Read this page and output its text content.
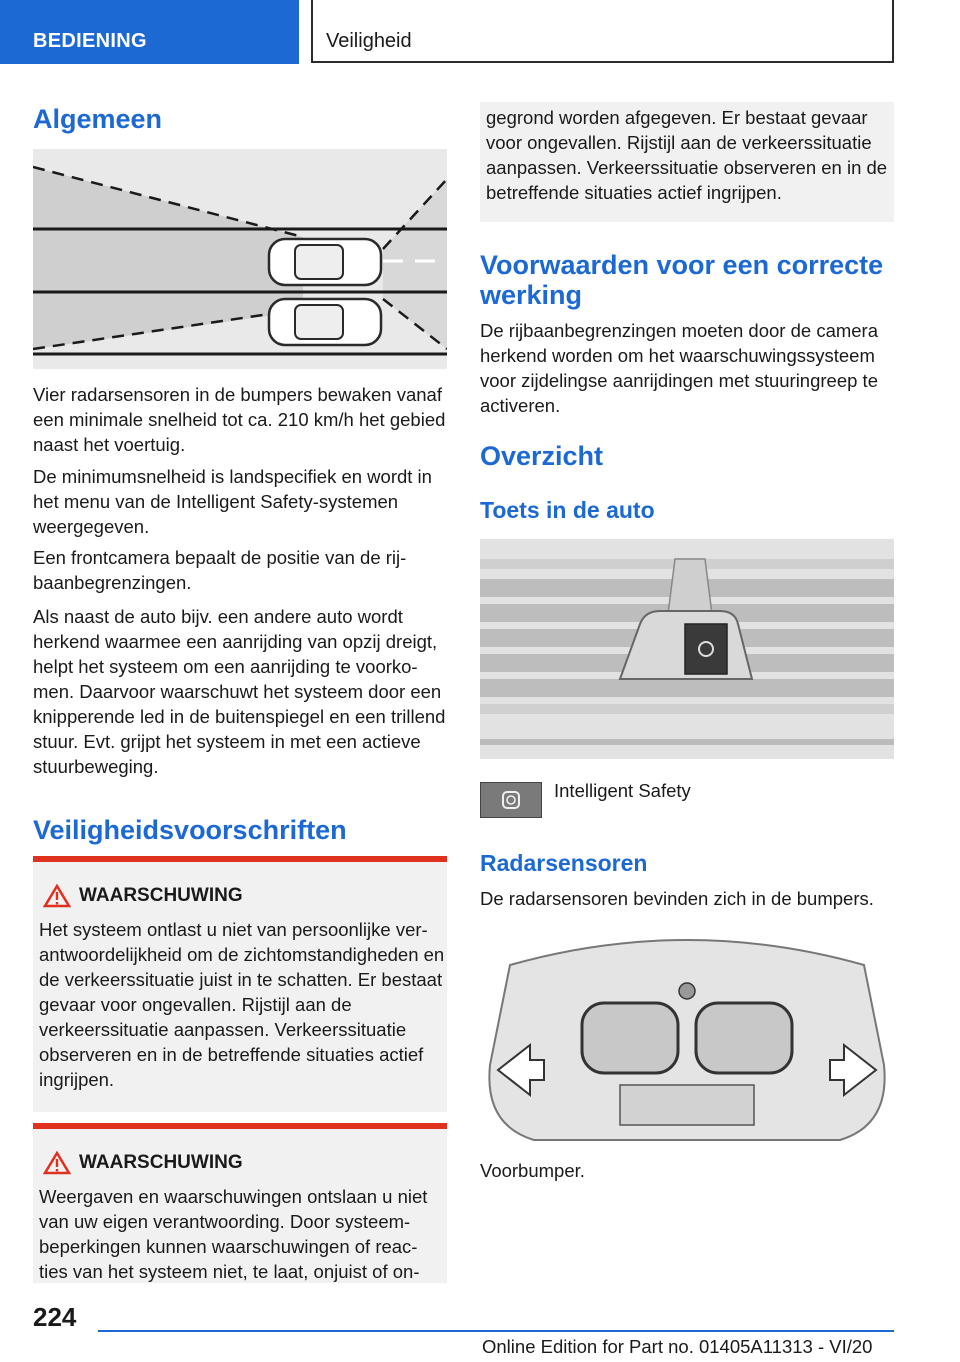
BEDIENING	Veiligheid
Algemeen
Vier radarsensoren in de bumpers bewaken vanaf een minimale snelheid tot ca. 210 km/h het gebied naast het voertuig.
De minimumsnelheid is landspecifiek en wordt in het menu van de Intelligent Safety-systemen weergegeven.
Een frontcamera bepaalt de positie van de rij- baanbegrenzingen.
Als naast de auto bijv. een andere auto wordt herkend waarmee een aanrijding van opzij dreigt, helpt het systeem om een aanrijding te voorko- men. Daarvoor waarschuwt het systeem door een knipperende led in de buitenspiegel en een trillend stuur. Evt. grijpt het systeem in met een actieve stuurbeweging.
Veiligheidsvoorschriften
WAARSCHUWING
Het systeem ontlast u niet van persoonlijke ver- antwoordelijkheid om de zichtomstandigheden en de verkeerssituatie juist in te schatten. Er bestaat gevaar voor ongevallen. Rijstijl aan de verkeerssituatie aanpassen. Verkeerssituatie observeren en in de betreffende situaties actief ingrijpen.
WAARSCHUWING
Weergaven en waarschuwingen ontslaan u niet van uw eigen verantwoording. Door systeem- beperkingen kunnen waarschuwingen of reac- ties van het systeem niet, te laat, onjuist of on-
gegrond worden afgegeven. Er bestaat gevaar voor ongevallen. Rijstijl aan de verkeerssituatie aanpassen. Verkeerssituatie observeren en in de betreffende situaties actief ingrijpen.
Voorwaarden voor een correcte werking
De rijbaanbegrenzingen moeten door de camera herkend worden om het waarschuwingssysteem voor zijdelingse aanrijdingen met stuuringreep te activeren.
Overzicht
Toets in de auto
Intelligent Safety
Radarsensoren
De radarsensoren bevinden zich in de bumpers.
Voorbumper.
224
Online Edition for Part no. 01405A11313 - VI/20
